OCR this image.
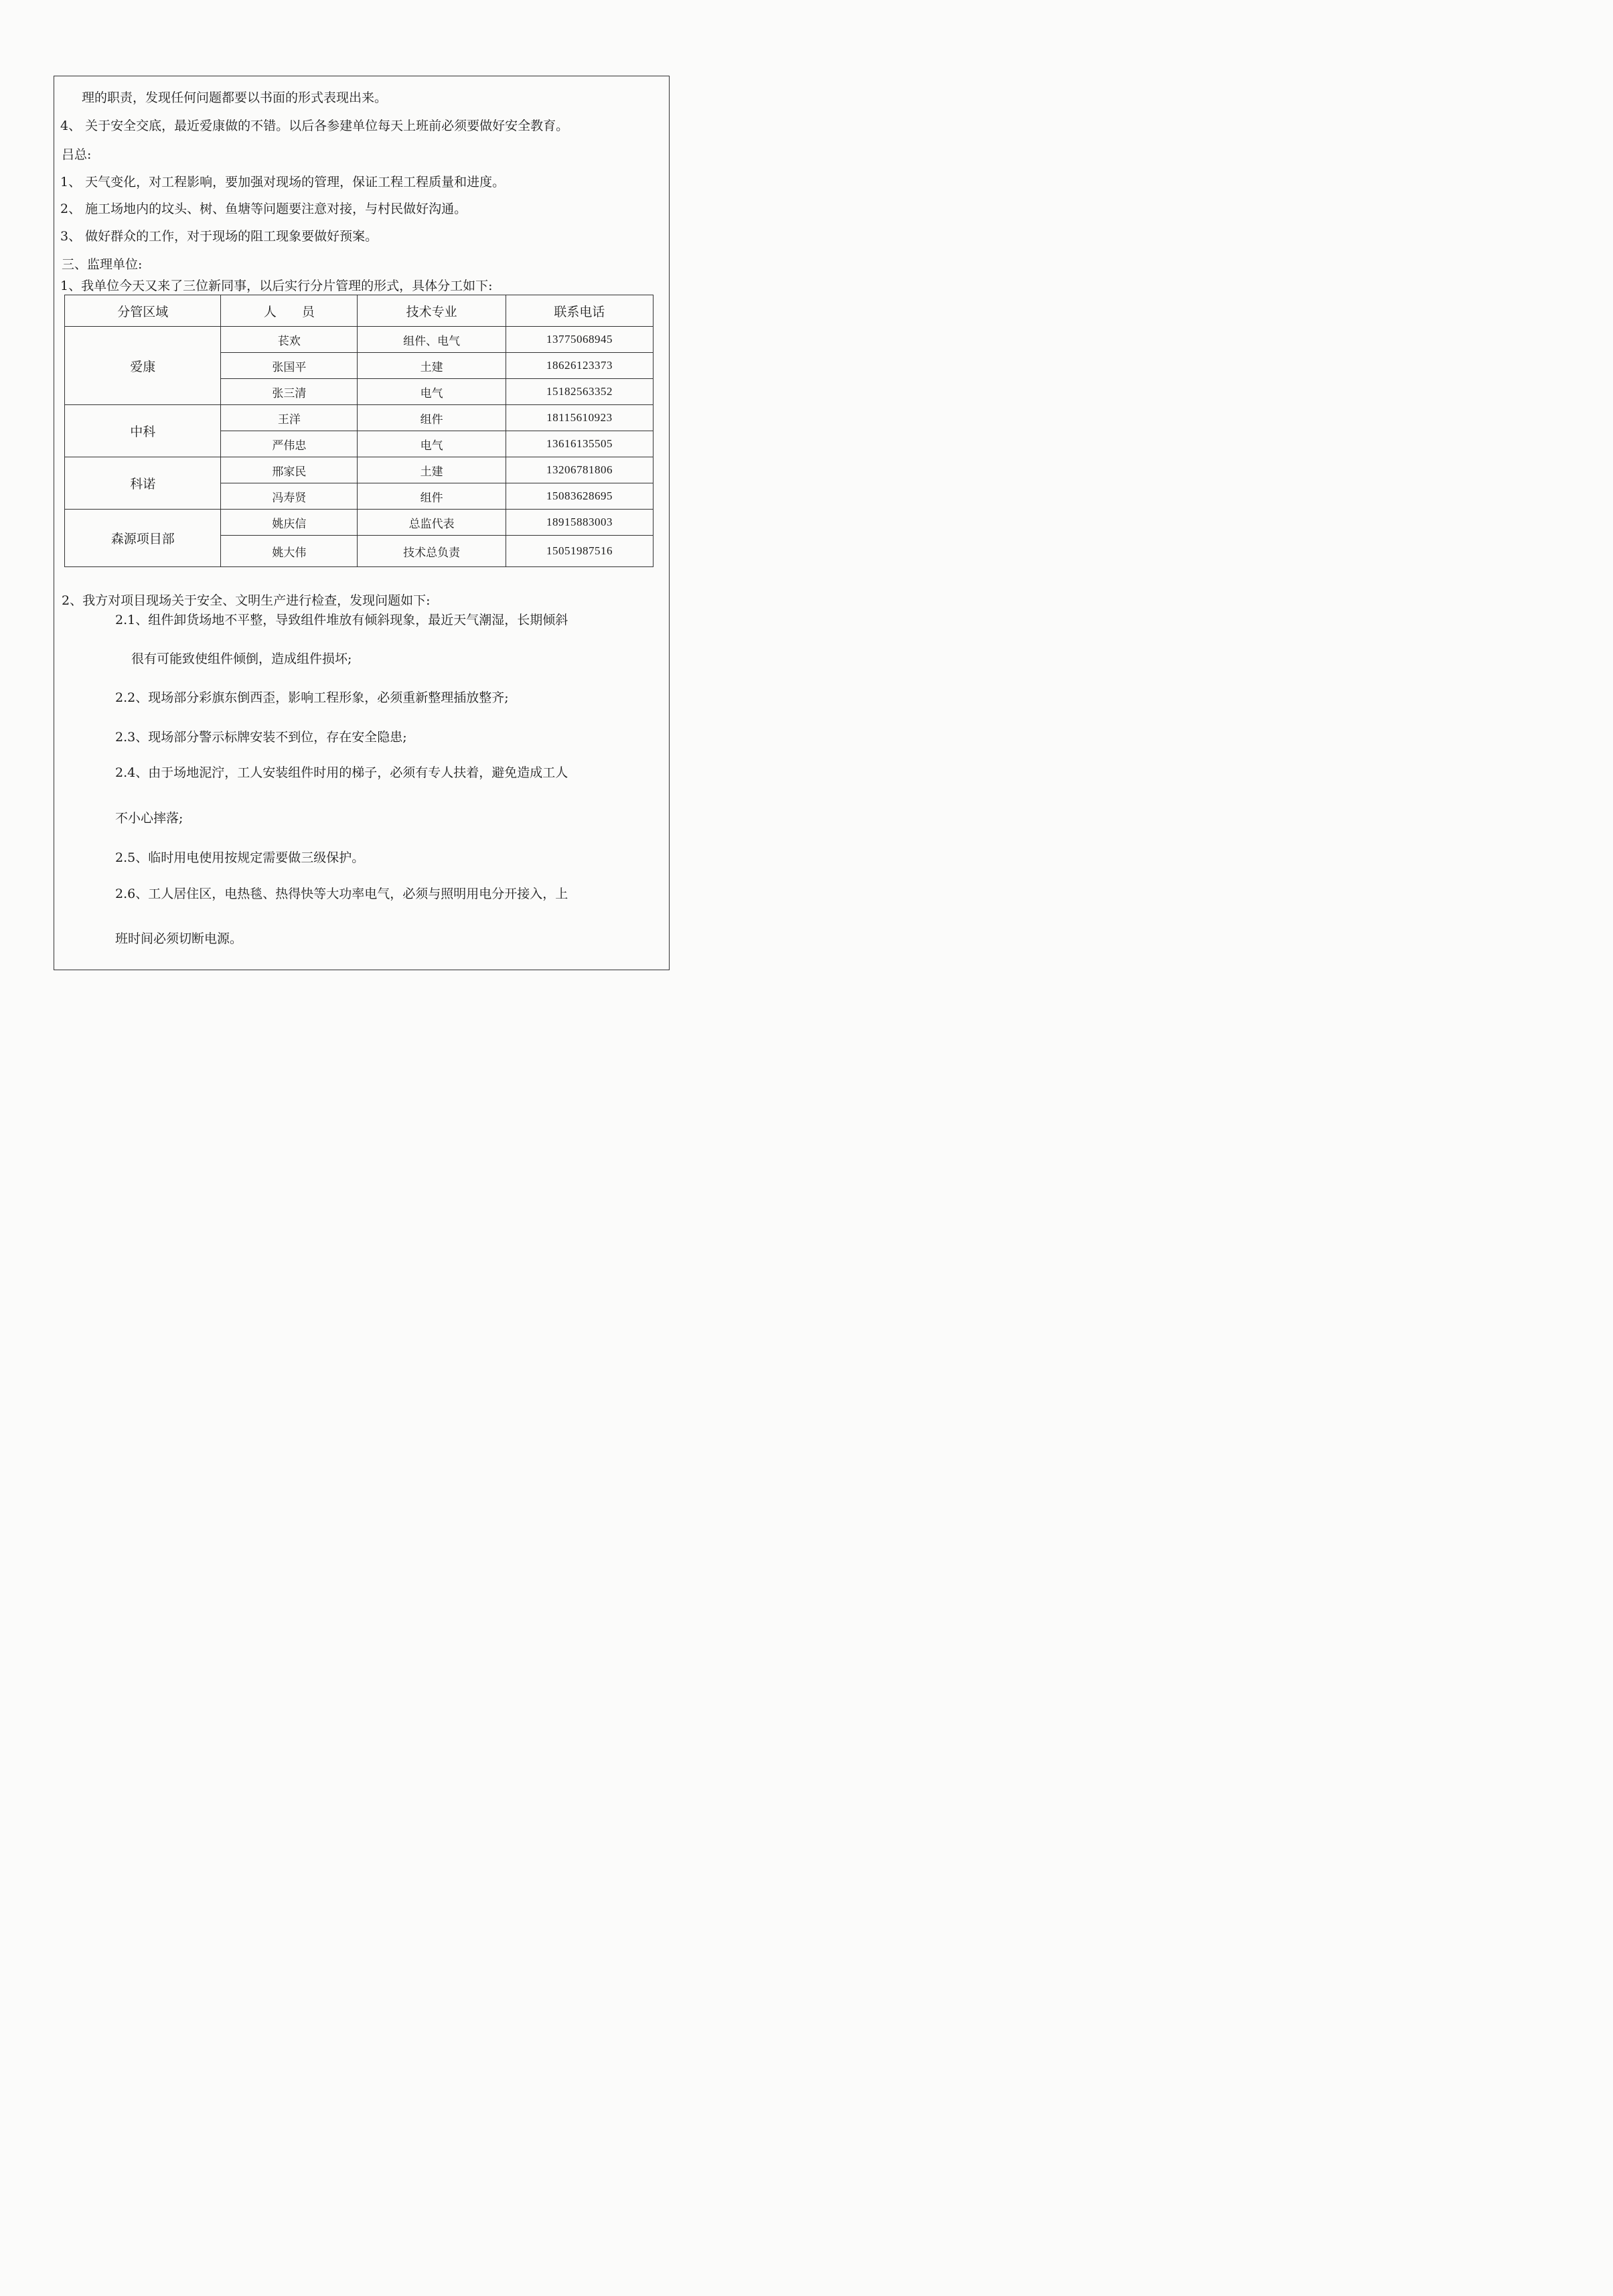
理的职责，发现任何问题都要以书面的形式表现出来。
4、 关于安全交底，最近爱康做的不错。以后各参建单位每天上班前必须要做好安全教育。
吕总:
1、 天气变化，对工程影响，要加强对现场的管理，保证工程工程质量和进度。
2、 施工场地内的坟头、树、鱼塘等问题要注意对接，与村民做好沟通。
3、 做好群众的工作，对于现场的阻工现象要做好预案。
三、监理单位:
1、我单位今天又来了三位新同事，以后实行分片管理的形式，具体分工如下:
分管区域	人　　员	技术专业	联系电话
爱康	苌欢	组件、电气	13775068945
	张国平	土建	18626123373
	张三清	电气	15182563352
中科	王洋	组件	18115610923
	严伟忠	电气	13616135505
科诺	邢家民	土建	13206781806
	冯寿贤	组件	15083628695
森源项目部	姚庆信	总监代表	18915883003
	姚大伟	技术总负责	15051987516
2、我方对项目现场关于安全、文明生产进行检查，发现问题如下:
2.1、组件卸货场地不平整，导致组件堆放有倾斜现象，最近天气潮湿，长期倾斜
很有可能致使组件倾倒，造成组件损坏;
2.2、现场部分彩旗东倒西歪，影响工程形象，必须重新整理插放整齐;
2.3、现场部分警示标牌安装不到位，存在安全隐患;
2.4、由于场地泥泞，工人安装组件时用的梯子，必须有专人扶着，避免造成工人
不小心摔落;
2.5、临时用电使用按规定需要做三级保护。
2.6、工人居住区，电热毯、热得快等大功率电气，必须与照明用电分开接入，上
班时间必须切断电源。
